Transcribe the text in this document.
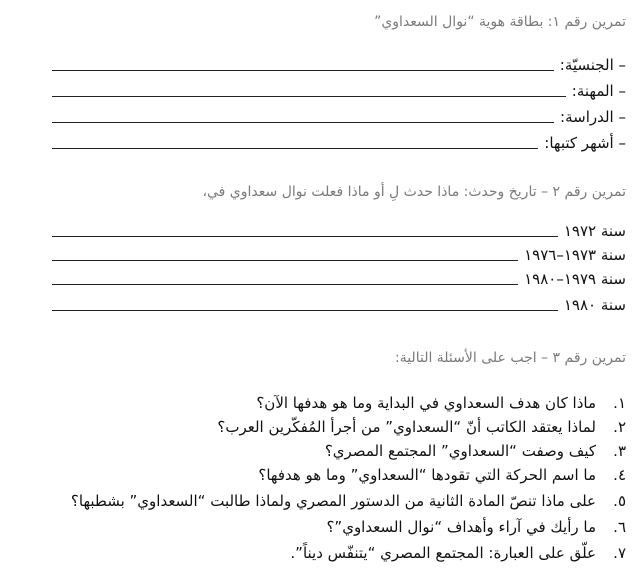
تمرين رقم ١: بطاقة هوية “نوال السعداوي”
– الجنسيّة:
– المهنة:
– الدراسة:
– أشهر كتبها:
تمرين رقم ٢ – تاريخ وحدث: ماذا حدث لِ أو ماذا فعلت نوال سعداوي في،
سنة ١٩٧٢
سنة ١٩٧٣–١٩٧٦
سنة ١٩٧٩–١٩٨٠
سنة ١٩٨٠
تمرين رقم ٣ – اجب على الأسئلة التالية:
١.
ماذا كان هدف السعداوي في البداية وما هو هدفها الآن؟
٢.
لماذا يعتقد الكاتب أنّ “السعداوي” من أجرأ المُفكّرين العرب؟
٣.
كيف وصفت “السعداوي” المجتمع المصري؟
٤.
ما اسم الحركة التي تقودها “السعداوي” وما هو هدفها؟
٥.
على ماذا تنصّ المادة الثانية من الدستور المصري ولماذا طالبت “السعداوي” بشطبها؟
٦.
ما رأيك في آراء وأهداف “نوال السعداوي”؟
٧.
علّق على العبارة: المجتمع المصري “يتنفّس ديناً”.
